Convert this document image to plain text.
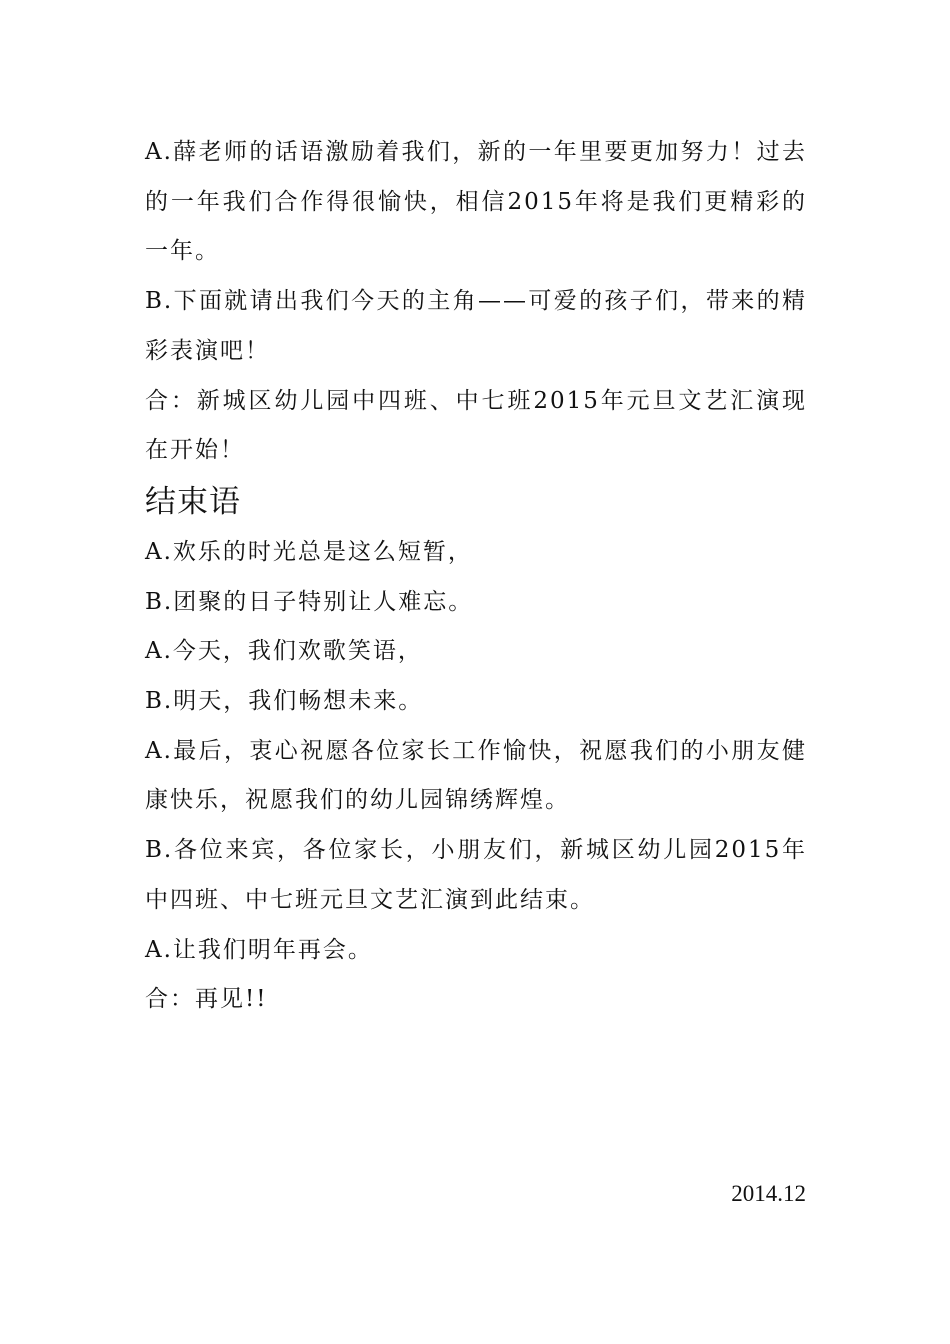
A.薛老师的话语激励着我们，新的一年里要更加努力！过去的一年我们合作得很愉快，相信2015年将是我们更精彩的一年。

B.下面就请出我们今天的主角——可爱的孩子们，带来的精彩表演吧！

合：新城区幼儿园中四班、中七班2015年元旦文艺汇演现在开始！

结束语

A.欢乐的时光总是这么短暂，

B.团聚的日子特别让人难忘。

A.今天，我们欢歌笑语，

B.明天，我们畅想未来。

A.最后，衷心祝愿各位家长工作愉快，祝愿我们的小朋友健康快乐，祝愿我们的幼儿园锦绣辉煌。

B.各位来宾，各位家长，小朋友们，新城区幼儿园2015年中四班、中七班元旦文艺汇演到此结束。

A.让我们明年再会。

合：再见!!

2014.12
